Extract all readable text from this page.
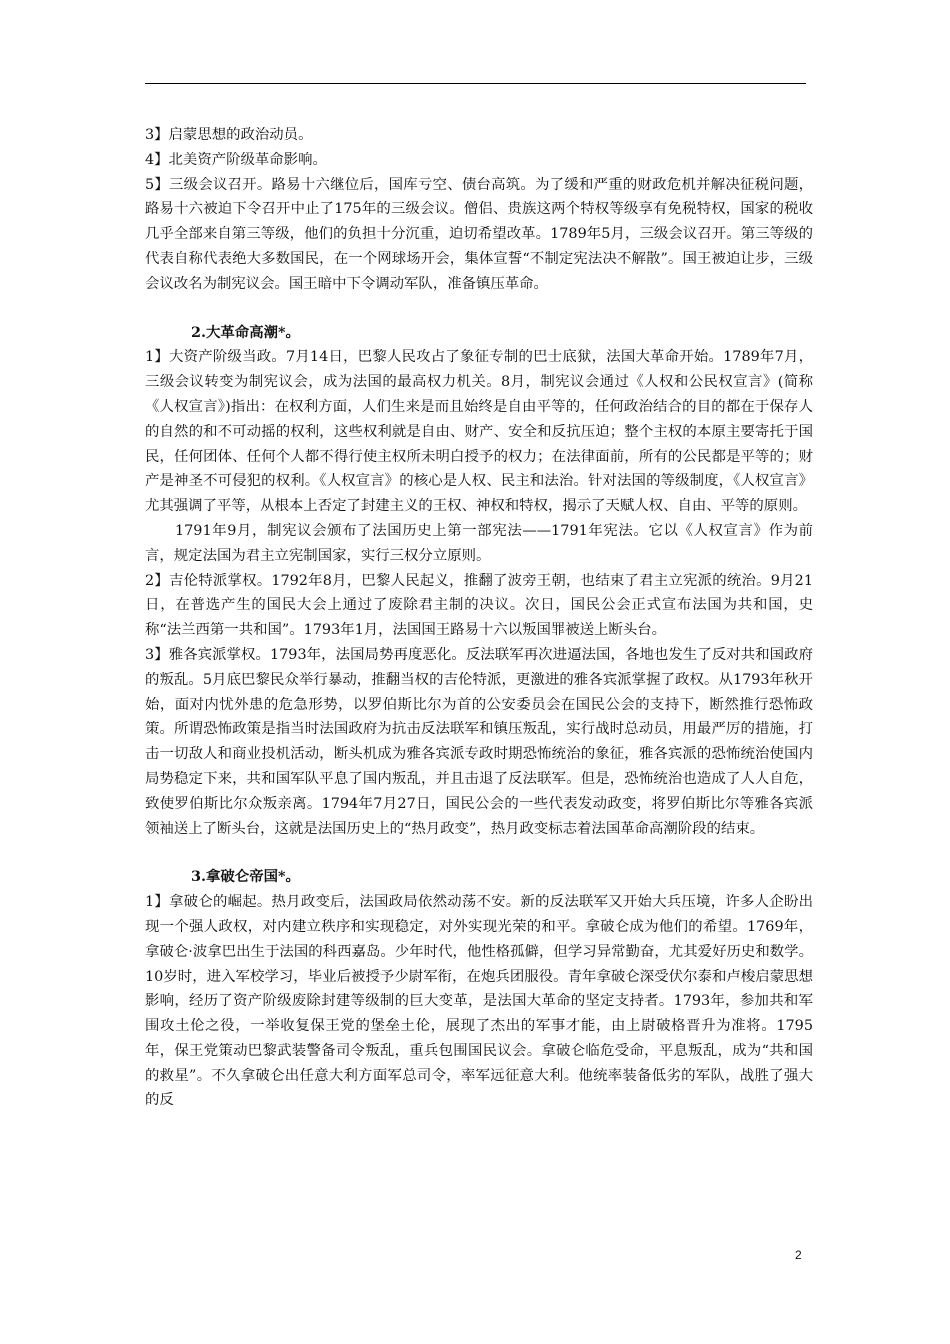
3】启蒙思想的政治动员。

4】北美资产阶级革命影响。

5】三级会议召开。路易十六继位后，国库亏空、债台高筑。为了缓和严重的财政危机并解决征税问题，路易十六被迫下令召开中止了175年的三级会议。僧侣、贵族这两个特权等级享有免税特权，国家的税收几乎全部来自第三等级，他们的负担十分沉重，迫切希望改革。1789年5月，三级会议召开。第三等级的代表自称代表绝大多数国民，在一个网球场开会，集体宣誓“不制定宪法决不解散”。国王被迫让步，三级会议改名为制宪议会。国王暗中下令调动军队，准备镇压革命。

2.大革命高潮*。

1】大资产阶级当政。7月14日，巴黎人民攻占了象征专制的巴士底狱，法国大革命开始。1789年7月，三级会议转变为制宪议会，成为法国的最高权力机关。8月，制宪议会通过《人权和公民权宣言》(简称《人权宣言》)指出：在权利方面，人们生来是而且始终是自由平等的，任何政治结合的目的都在于保存人的自然的和不可动摇的权利，这些权利就是自由、财产、安全和反抗压迫；整个主权的本原主要寄托于国民，任何团体、任何个人都不得行使主权所未明白授予的权力；在法律面前，所有的公民都是平等的；财产是神圣不可侵犯的权利。《人权宣言》的核心是人权、民主和法治。针对法国的等级制度，《人权宣言》尤其强调了平等，从根本上否定了封建主义的王权、神权和特权，揭示了天赋人权、自由、平等的原则。

1791年9月，制宪议会颁布了法国历史上第一部宪法——1791年宪法。它以《人权宣言》作为前言，规定法国为君主立宪制国家，实行三权分立原则。

2】吉伦特派掌权。1792年8月，巴黎人民起义，推翻了波旁王朝，也结束了君主立宪派的统治。9月21日，在普选产生的国民大会上通过了废除君主制的决议。次日，国民公会正式宣布法国为共和国，史称“法兰西第一共和国”。1793年1月，法国国王路易十六以叛国罪被送上断头台。

3】雅各宾派掌权。1793年，法国局势再度恶化。反法联军再次进逼法国，各地也发生了反对共和国政府的叛乱。5月底巴黎民众举行暴动，推翻当权的吉伦特派，更激进的雅各宾派掌握了政权。从1793年秋开始，面对内忧外患的危急形势，以罗伯斯比尔为首的公安委员会在国民公会的支持下，断然推行恐怖政策。所谓恐怖政策是指当时法国政府为抗击反法联军和镇压叛乱，实行战时总动员，用最严厉的措施，打击一切敌人和商业投机活动，断头机成为雅各宾派专政时期恐怖统治的象征，雅各宾派的恐怖统治使国内局势稳定下来，共和国军队平息了国内叛乱，并且击退了反法联军。但是，恐怖统治也造成了人人自危，致使罗伯斯比尔众叛亲离。1794年7月27日，国民公会的一些代表发动政变，将罗伯斯比尔等雅各宾派领袖送上了断头台，这就是法国历史上的“热月政变”，热月政变标志着法国革命高潮阶段的结束。

3.拿破仑帝国*。

1】拿破仑的崛起。热月政变后，法国政局依然动荡不安。新的反法联军又开始大兵压境，许多人企盼出现一个强人政权，对内建立秩序和实现稳定，对外实现光荣的和平。拿破仑成为他们的希望。1769年，拿破仑·波拿巴出生于法国的科西嘉岛。少年时代，他性格孤僻，但学习异常勤奋，尤其爱好历史和数学。10岁时，进入军校学习，毕业后被授予少尉军衔，在炮兵团服役。青年拿破仑深受伏尔泰和卢梭启蒙思想影响，经历了资产阶级废除封建等级制的巨大变革，是法国大革命的坚定支持者。1793年，参加共和军围攻土伦之役，一举收复保王党的堡垒土伦，展现了杰出的军事才能，由上尉破格晋升为准将。1795年，保王党策动巴黎武装警备司令叛乱，重兵包围国民议会。拿破仑临危受命，平息叛乱，成为“共和国的救星”。不久拿破仑出任意大利方面军总司令，率军远征意大利。他统率装备低劣的军队，战胜了强大的反

2
